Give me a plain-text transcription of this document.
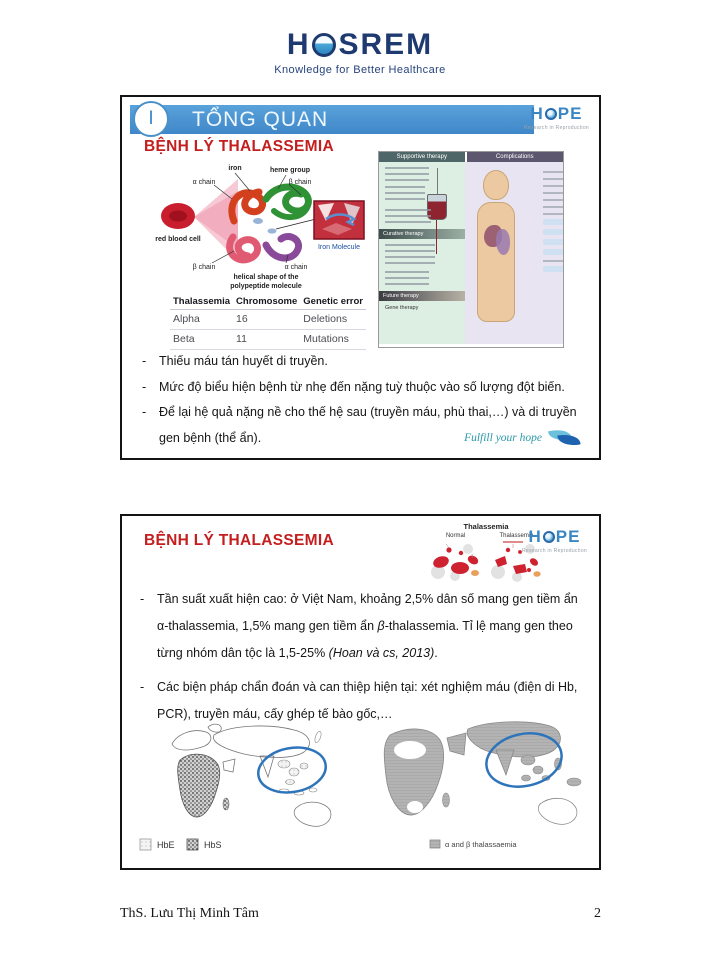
H SREM
Knowledge for Better Healthcare
TỔNG QUAN
I	H PE
Research in Reproduction
BỆNH LÝ THALASSEMIA
iron	heme group
α chain	β chain
red blood cell
β chain	α chain
helical shape of the
polypeptide molecule
Iron Molecule
Thalassemia	Chromosome	Genetic error
Alpha	16	Deletions
Beta	11	Mutations
Supportive therapy	Complications
Curative therapy
Future therapy
Gene therapy
-	Thiếu máu tán huyết di truyền.
-	Mức độ biểu hiện bệnh từ nhẹ đến nặng tuỳ thuộc vào số lượng đột biến.
-	Để lại hệ quả nặng nề cho thế hệ sau (truyền máu, phù thai,…) và di truyền gen bệnh (thể ẩn).	Fulfill your hope
BỆNH LÝ THALASSEMIA
Thalassemia
Normal	Thalassemia
H PE
Research in Reproduction
-	Tần suất xuất hiện cao: ở Việt Nam, khoảng 2,5% dân số mang gen tiềm ẩn α-thalassemia, 1,5% mang gen tiềm ẩn β-thalassemia. Tỉ lệ mang gen theo từng nhóm dân tộc là 1,5-25% (Hoan và cs, 2013).
-	Các biện pháp chẩn đoán và can thiệp hiện tại: xét nghiệm máu (điện di Hb, PCR), truyền máu, cấy ghép tế bào gốc,…
HbE	HbS	α and β thalassaemia
ThS. Lưu Thị Minh Tâm	2
